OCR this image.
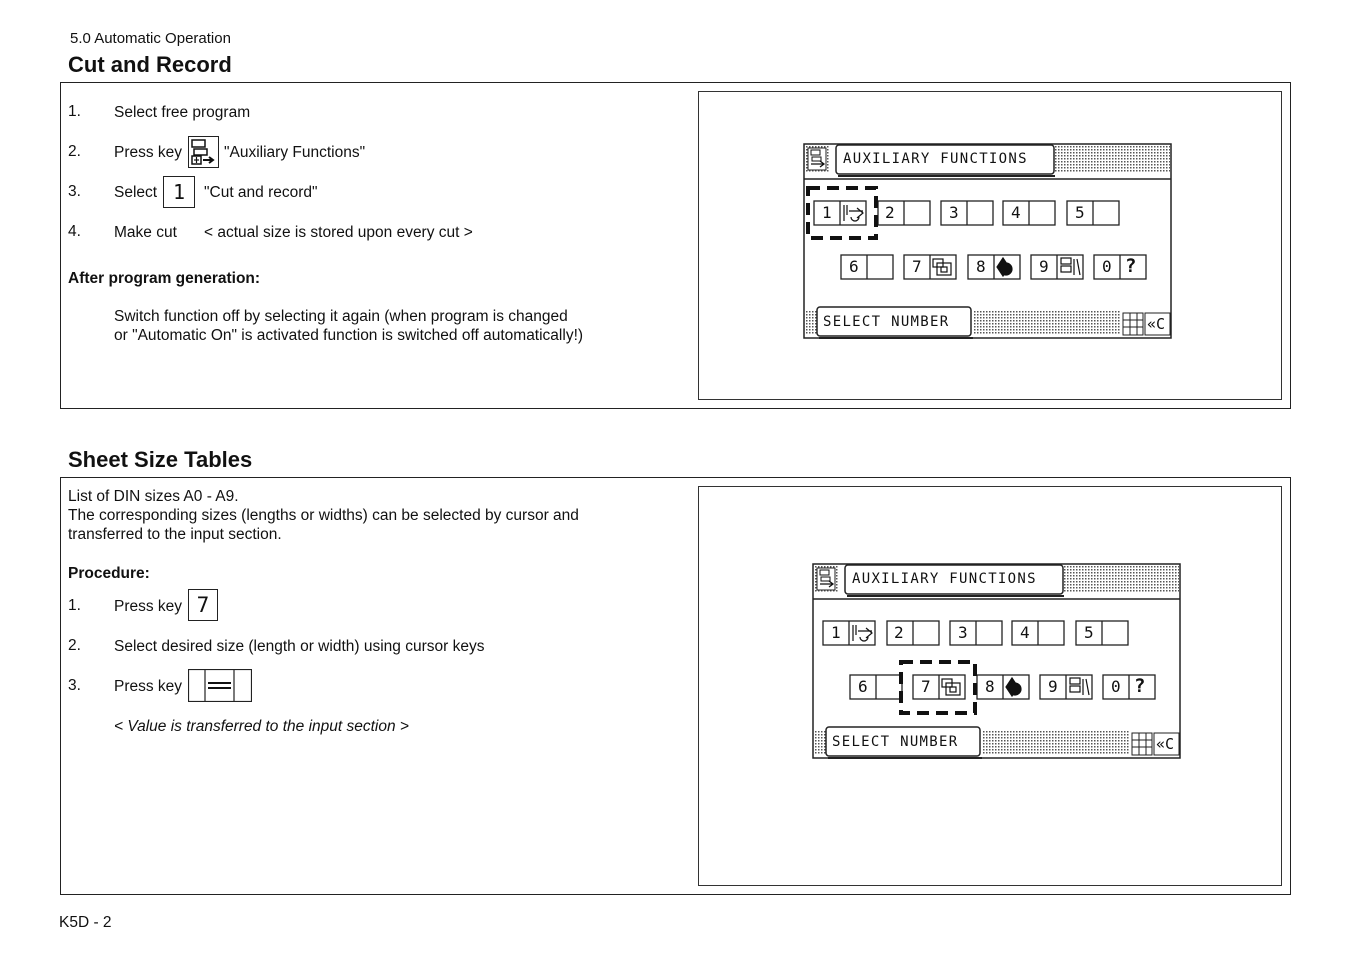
5.0 Automatic Operation
Cut and Record
1. Select free program
2. Press key	"Auxiliary Functions"
3. Select 1	"Cut and record"
4. Make cut < actual size is stored upon every cut >
After program generation:
Switch function off by selecting it again (when program is changed
or "Automatic On" is activated function is switched off automatically!)
AUXILIARY FUNCTIONS
SELECT NUMBER	«C
1	2	3	4	5
6	7	8	9	0 ?
Sheet Size Tables
List of DIN sizes A0 - A9.
The corresponding sizes (lengths or widths) can be selected by cursor and
transferred to the input section.
Procedure:
1. Press key 7
2. Select desired size (length or width) using cursor keys
3. Press key
< Value is transferred to the input section >
AUXILIARY FUNCTIONS
SELECT NUMBER	«C
1	2	3	4	5
6	7	8	9	0 ?
K5D - 2
